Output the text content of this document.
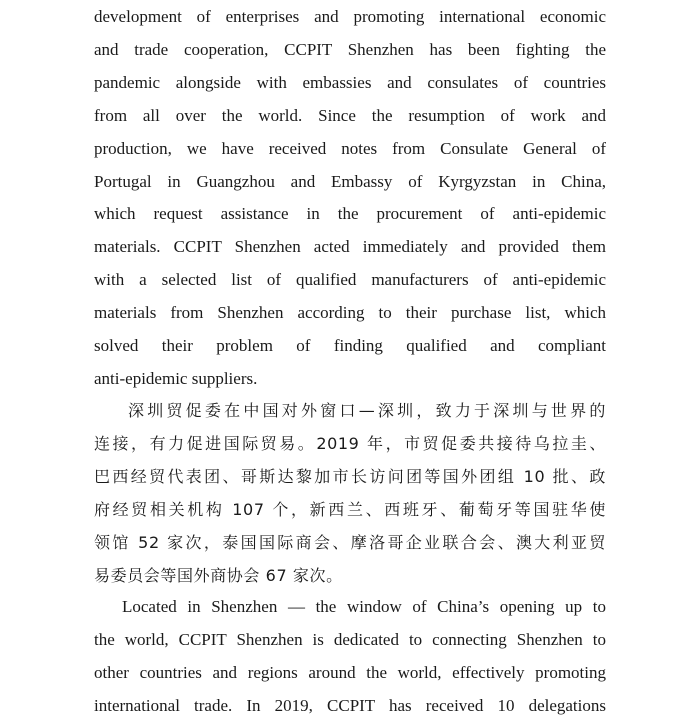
development of enterprises and promoting international economic
and trade cooperation, CCPIT Shenzhen has been fighting the
pandemic alongside with embassies and consulates of countries
from all over the world. Since the resumption of work and
production, we have received notes from Consulate General of
Portugal in Guangzhou and Embassy of Kyrgyzstan in China,
which request assistance in the procurement of anti-epidemic
materials. CCPIT Shenzhen acted immediately and provided them
with a selected list of qualified manufacturers of anti-epidemic
materials from Shenzhen according to their purchase list, which
solved their problem of finding qualified and compliant
anti-epidemic suppliers.
深圳贸促委在中国对外窗口—深圳，致力于深圳与世界的
连接，有力促进国际贸易。2019 年，市贸促委共接待乌拉圭、
巴西经贸代表团、哥斯达黎加市长访问团等国外团组 10 批、政
府经贸相关机构 107 个，新西兰、西班牙、葡萄牙等国驻华使
领馆 52 家次，泰国国际商会、摩洛哥企业联合会、澳大利亚贸
易委员会等国外商协会 67 家次。
Located in Shenzhen — the window of China’s opening up to
the world, CCPIT Shenzhen is dedicated to connecting Shenzhen to
other countries and regions around the world, effectively promoting
international trade. In 2019, CCPIT has received 10 delegations
